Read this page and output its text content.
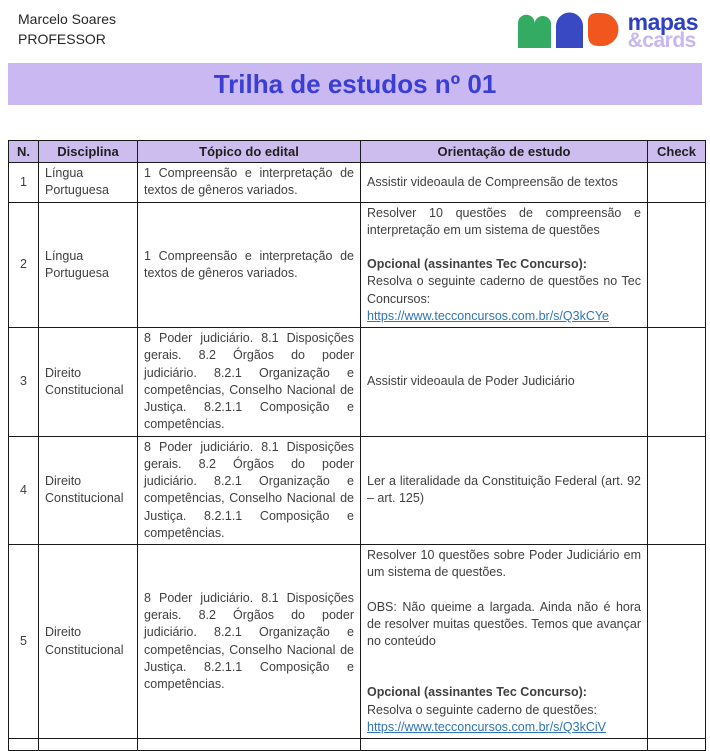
Marcelo Soares
PROFESSOR
mapas
&cards
Trilha de estudos nº 01
N.	Disciplina	Tópico do edital	Orientação de estudo	Check
1	Língua Portuguesa	1 Compreensão e interpretação de textos de gêneros variados.	Assistir videoaula de Compreensão de textos	
2	Língua Portuguesa	1 Compreensão e interpretação de textos de gêneros variados.	Resolver 10 questões de compreensão e interpretação em um sistema de questões

Opcional (assinantes Tec Concurso):

Resolva o seguinte caderno de questões no Tec Concursos:

https://www.tecconcursos.com.br/s/Q3kCYe	
3	Direito Constitucional	8 Poder judiciário. 8.1 Disposições gerais. 8.2 Órgãos do poder judiciário. 8.2.1 Organização e competências, Conselho Nacional de Justiça. 8.2.1.1 Composição e competências.	Assistir videoaula de Poder Judiciário	
4	Direito Constitucional	8 Poder judiciário. 8.1 Disposições gerais. 8.2 Órgãos do poder judiciário. 8.2.1 Organização e competências, Conselho Nacional de Justiça. 8.2.1.1 Composição e competências.	Ler a literalidade da Constituição Federal (art. 92 – art. 125)	
5	Direito Constitucional	8 Poder judiciário. 8.1 Disposições gerais. 8.2 Órgãos do poder judiciário. 8.2.1 Organização e competências, Conselho Nacional de Justiça. 8.2.1.1 Composição e competências.	Resolver 10 questões sobre Poder Judiciário em um sistema de questões.

OBS: Não queime a largada. Ainda não é hora de resolver muitas questões. Temos que avançar no conteúdo

Opcional (assinantes Tec Concurso):

Resolva o seguinte caderno de questões:

https://www.tecconcursos.com.br/s/Q3kCiV	
